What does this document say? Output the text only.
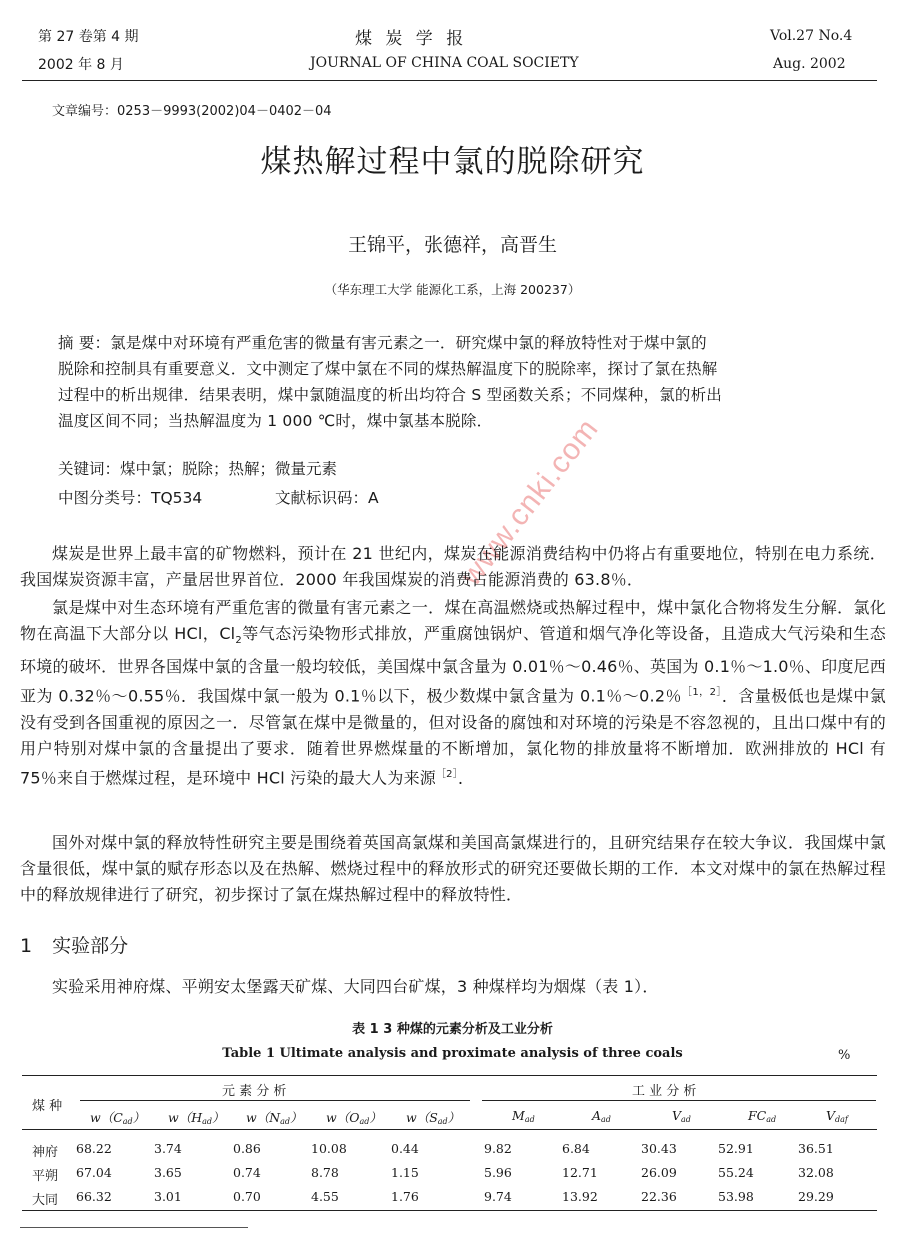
第 27 卷第 4 期
2002 年 8 月
煤 炭 学 报
JOURNAL OF CHINA COAL SOCIETY
Vol.27 No.4
Aug. 2002
文章编号：0253－9993(2002)04－0402－04
煤热解过程中氯的脱除研究
王锦平，张德祥，高晋生
（华东理工大学 能源化工系，上海 200237）
摘 要：氯是煤中对环境有严重危害的微量有害元素之一．研究煤中氯的释放特性对于煤中氯的
脱除和控制具有重要意义．文中测定了煤中氯在不同的煤热解温度下的脱除率，探讨了氯在热解
过程中的析出规律．结果表明，煤中氯随温度的析出均符合 S 型函数关系；不同煤种，氯的析出
温度区间不同；当热解温度为 1 000 ℃时，煤中氯基本脱除．
关键词：煤中氯；脱除；热解；微量元素
中图分类号：TQ534	文献标识码：A	www.cnki.com

煤炭是世界上最丰富的矿物燃料，预计在 21 世纪内，煤炭在能源消费结构中仍将占有重要地位，特别在电力系统．我国煤炭资源丰富，产量居世界首位．2000 年我国煤炭的消费占能源消费的 63.8％．

氯是煤中对生态环境有严重危害的微量有害元素之一．煤在高温燃烧或热解过程中，煤中氯化合物将发生分解．氯化物在高温下大部分以 HCl，$Cl_2$等气态污染物形式排放，严重腐蚀锅炉、管道和烟气净化等设备，且造成大气污染和生态环境的破坏．世界各国煤中氯的含量一般均较低，美国煤中氯含量为 0.01％～0.46％、英国为 0.1％～1.0％、印度尼西亚为 0.32％～0.55％．我国煤中氯一般为 0.1％以下，极少数煤中氯含量为 0.1％～0.2％$^{[1,2]}$．含量极低也是煤中氯没有受到各国重视的原因之一．尽管氯在煤中是微量的，但对设备的腐蚀和对环境的污染是不容忽视的，且出口煤中有的用户特别对煤中氯的含量提出了要求．随着世界燃煤量的不断增加，氯化物的排放量将不断增加．欧洲排放的 HCl 有 75％来自于燃煤过程，是环境中 HCl 污染的最大人为来源$^{[2]}$．

国外对煤中氯的释放特性研究主要是围绕着英国高氯煤和美国高氯煤进行的，且研究结果存在较大争议．我国煤中氯含量很低，煤中氯的赋存形态以及在热解、燃烧过程中的释放形式的研究还要做长期的工作．本文对煤中的氯在热解过程中的释放规律进行了研究，初步探讨了氯在煤热解过程中的释放特性．

1 实验部分
实验采用神府煤、平朔安太堡露天矿煤、大同四台矿煤，3 种煤样均为烟煤（表 1）．
表 1 3 种煤的元素分析及工业分析
Table 1 Ultimate analysis and proximate analysis of three coals	%
煤 种
元 素 分 析	工 业 分 析
$w(C_{ad})$ $w(H_{ad})$ $w(N_{ad})$ $w(O_{ad})$ $w(S_{ad})$	$M_{ad}$	$A_{ad}$	$V_{ad}$	$FC_{ad}$	$V_{daf}$
神府 68.22	3.74	0.86	10.08	0.44	9.82	6.84	30.43	52.91	36.51
平朔 67.04	3.65	0.74	8.78	1.15	5.96	12.71	26.09	55.24	32.08
大同 66.32	3.01	0.70	4.55	1.76	9.74	13.92	22.36	53.98	29.29
